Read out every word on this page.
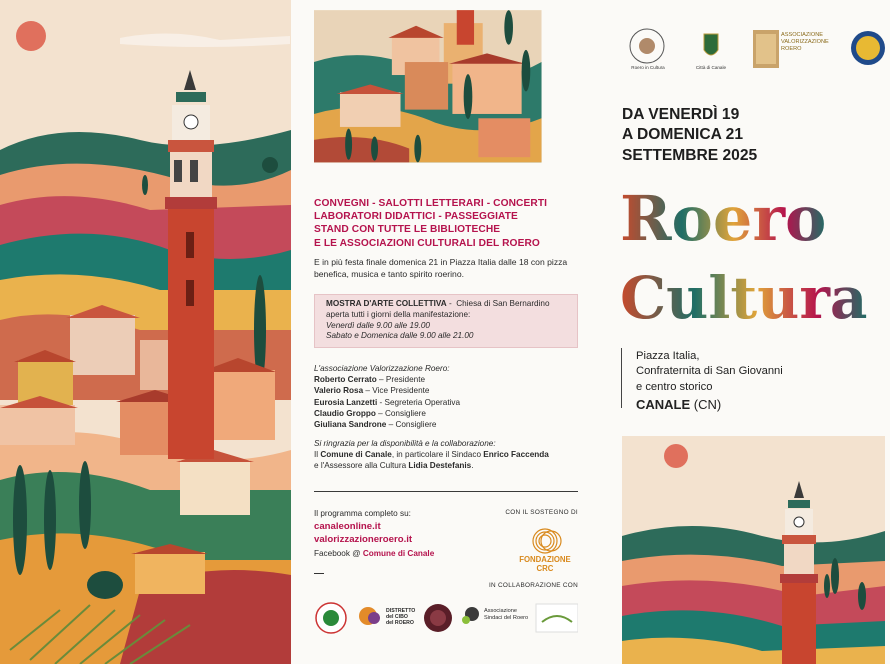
CONVEGNI - SALOTTI LETTERARI - CONCERTI
LABORATORI DIDATTICI - PASSEGGIATE
STAND CON TUTTE LE BIBLIOTECHE
E LE ASSOCIAZIONI CULTURALI DEL ROERO

E in più festa finale domenica 21 in Piazza Italia dalle 18 con pizza benefica, musica e tanto spirito roerino.

MOSTRA D'ARTE COLLETTIVA -  Chiesa di San Bernardino
aperta tutti i giorni della manifestazione:
Venerdì dalle 9.00 alle 19.00
Sabato e Domenica dalle 9.00 alle 21.00
L'associazione Valorizzazione Roero:
Roberto Cerrato – Presidente
Valerio Rosa – Vice Presidente
Eurosia Lanzetti - Segreteria Operativa
Claudio Groppo – Consigliere
Giuliana Sandrone – Consigliere
Si ringrazia per la disponibilità e la collaborazione:
Il Comune di Canale, in particolare il Sindaco Enrico Faccenda
e l'Assessore alla Cultura Lidia Destefanis.
Il programma completo su:
canaleonline.it
valorizzazioneroero.it
Facebook @ Comune di Canale
CON IL SOSTEGNO DI
FONDAZIONE CRC
IN COLLABORAZIONE CON
DISTRETTO
del CIBO
del ROERO
Associazione
Sindaci del Roero
Roero in Cultura	Città di Canale
ASSOCIAZIONE
VALORIZZAZIONE
ROERO
DA VENERDÌ 19
A DOMENICA 21
SETTEMBRE 2025
Roero
Cultura
Piazza Italia,
Confraternita di San Giovanni
e centro storico
CANALE (CN)
